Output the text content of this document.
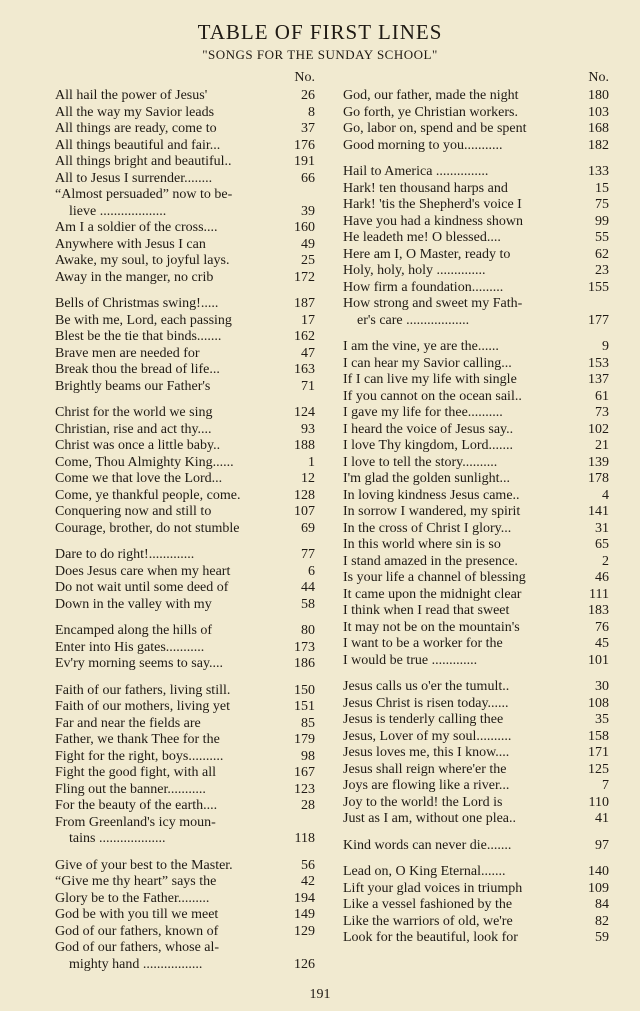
TABLE OF FIRST LINES
"SONGS FOR THE SUNDAY SCHOOL"
No.
All hail the power of Jesus'	26
All the way my Savior leads	8
All things are ready, come to	37
All things beautiful and fair...	176
All things bright and beautiful..	191
All to Jesus I surrender........	66
“Almost persuaded” now to be-
lieve ...................	39
Am I a soldier of the cross....	160
Anywhere with Jesus I can	49
Awake, my soul, to joyful lays.	25
Away in the manger, no crib	172
Bells of Christmas swing!.....	187
Be with me, Lord, each passing	17
Blest be the tie that binds.......	162
Brave men are needed for	47
Break thou the bread of life...	163
Brightly beams our Father's	71
Christ for the world we sing	124
Christian, rise and act thy....	93
Christ was once a little baby..	188
Come, Thou Almighty King......	1
Come we that love the Lord...	12
Come, ye thankful people, come.	128
Conquering now and still to	107
Courage, brother, do not stumble	69
Dare to do right!.............	77
Does Jesus care when my heart	6
Do not wait until some deed of	44
Down in the valley with my	58
Encamped along the hills of	80
Enter into His gates...........	173
Ev'ry morning seems to say....	186
Faith of our fathers, living still.	150
Faith of our mothers, living yet	151
Far and near the fields are	85
Father, we thank Thee for the	179
Fight for the right, boys..........	98
Fight the good fight, with all	167
Fling out the banner...........	123
For the beauty of the earth....	28
From Greenland's icy moun-
tains ...................	118
Give of your best to the Master.	56
“Give me thy heart” says the	42
Glory be to the Father.........	194
God be with you till we meet	149
God of our fathers, known of	129
God of our fathers, whose al-
mighty hand .................	126
No.
God, our father, made the night	180
Go forth, ye Christian workers.	103
Go, labor on, spend and be spent	168
Good morning to you...........	182
Hail to America ...............	133
Hark! ten thousand harps and	15
Hark! 'tis the Shepherd's voice I	75
Have you had a kindness shown	99
He leadeth me! O blessed....	55
Here am I, O Master, ready to	62
Holy, holy, holy ..............	23
How firm a foundation.........	155
How strong and sweet my Fath-
er's care ..................	177
I am the vine, ye are the......	9
I can hear my Savior calling...	153
If I can live my life with single	137
If you cannot on the ocean sail..	61
I gave my life for thee..........	73
I heard the voice of Jesus say..	102
I love Thy kingdom, Lord.......	21
I love to tell the story..........	139
I'm glad the golden sunlight...	178
In loving kindness Jesus came..	4
In sorrow I wandered, my spirit	141
In the cross of Christ I glory...	31
In this world where sin is so	65
I stand amazed in the presence.	2
Is your life a channel of blessing	46
It came upon the midnight clear	111
I think when I read that sweet	183
It may not be on the mountain's	76
I want to be a worker for the	45
I would be true .............	101
Jesus calls us o'er the tumult..	30
Jesus Christ is risen today......	108
Jesus is tenderly calling thee	35
Jesus, Lover of my soul..........	158
Jesus loves me, this I know....	171
Jesus shall reign where'er the	125
Joys are flowing like a river...	7
Joy to the world! the Lord is	110
Just as I am, without one plea..	41
Kind words can never die.......	97
Lead on, O King Eternal.......	140
Lift your glad voices in triumph	109
Like a vessel fashioned by the	84
Like the warriors of old, we're	82
Look for the beautiful, look for	59
191
